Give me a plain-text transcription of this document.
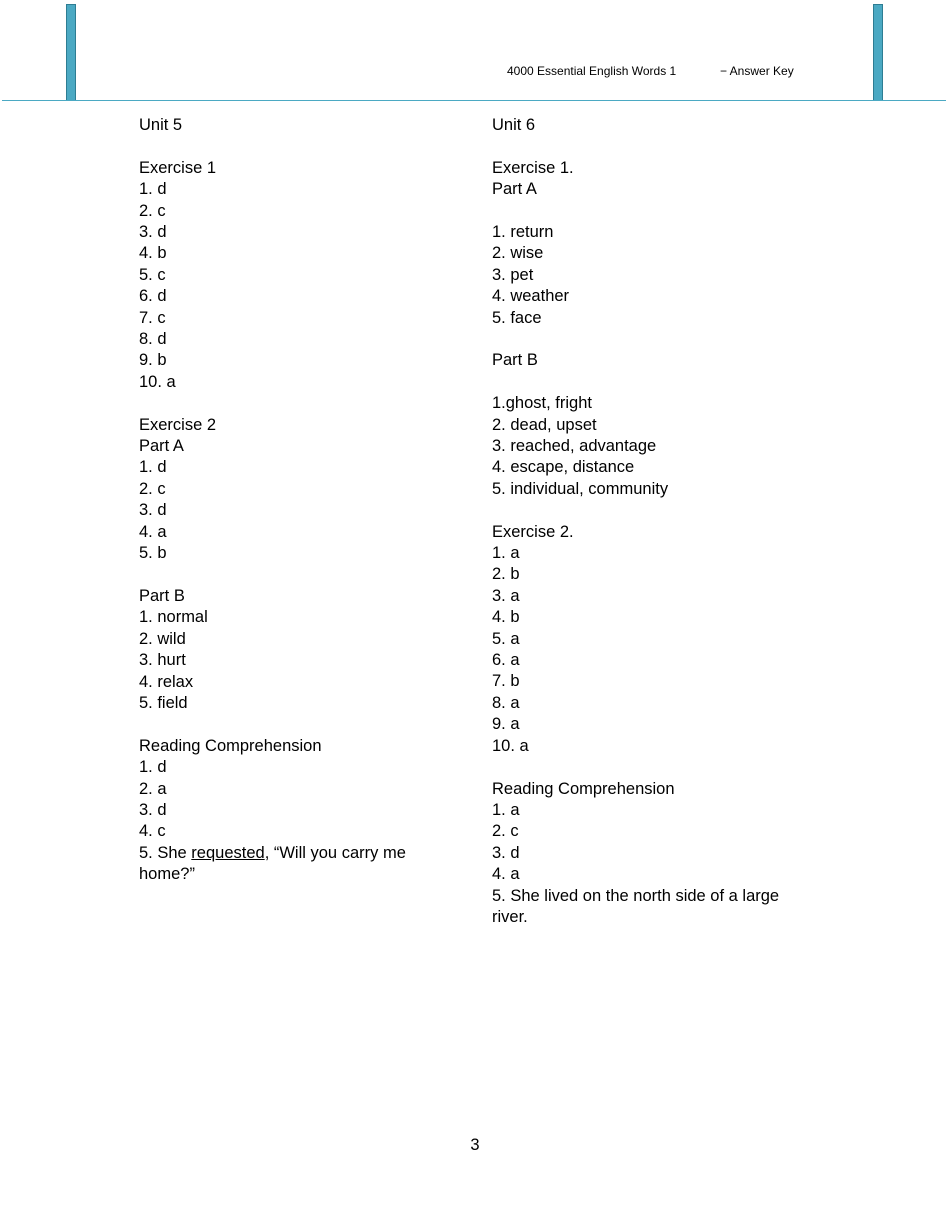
4000 Essential English Words 1	− Answer Key
Unit 5
Exercise 1
1. d
2. c
3. d
4. b
5. c
6. d
7. c
8. d
9. b
10. a
Exercise 2
Part A
1. d
2. c
3. d
4. a
5. b
Part B
1. normal
2. wild
3. hurt
4. relax
5. field
Reading Comprehension
1. d
2. a
3. d
4. c
5. She requested, “Will you carry me home?”
Unit 6
Exercise 1.
Part A
1. return
2. wise
3. pet
4. weather
5. face
Part B
1.ghost, fright
2. dead, upset
3. reached, advantage
4. escape, distance
5. individual, community
Exercise 2.
1. a
2. b
3. a
4. b
5. a
6. a
7. b
8. a
9. a
10. a
Reading Comprehension
1. a
2. c
3. d
4. a
5. She lived on the north side of a large river.
3
